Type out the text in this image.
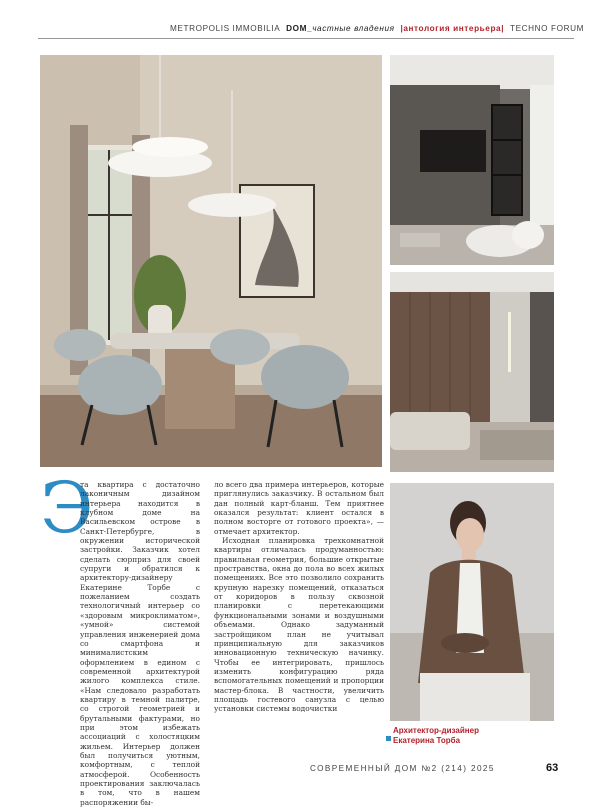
METROPOLIS IMMOBILIA DOM_частные владения |антология интерьера| TECHNO FORUM
Э

та квартира с достаточно лаконичным дизайном интерьера находится в клубном доме на Васильевском острове в Санкт-Петербурге, в окружении исторической застройки. Заказчик хотел сделать сюрприз для своей супруги и обратился к архитектору-дизайнеру Екатерине Торбе с пожеланием создать технологичный интерьер со «здоровым микроклиматом», «умной» системой управления инженерией дома со смартфона и минималистским оформлением в едином с современной архитектурой жилого комплекса стиле. «Нам следовало разработать квартиру в темной палитре, со строгой геометрией и брутальными фактурами, но при этом избежать ассоциаций с холостяцким жильем. Интерьер должен был получиться уютным, комфортным, с теплой атмосферой. Особенность проектирования заключалась в том, что в нашем распоряжении бы-

ло всего два примера интерьеров, которые приглянулись заказчику. В остальном был дан полный карт-бланш. Тем приятнее оказался результат: клиент остался в полном восторге от готового проекта», — отмечает архитектор.

Исходная планировка трехкомнатной квартиры отличалась продуманностью: правильная геометрия, большие открытые пространства, окна до пола во всех жилых помещениях. Все это позволило сохранить крупную нарезку помещений, отказаться от коридоров в пользу сквозной планировки с перетекающими функциональными зонами и воздушными объемами. Однако задуманный застройщиком план не учитывал принципиальную для заказчиков инновационную техническую начинку. Чтобы ее интегрировать, пришлось изменить конфигурацию ряда вспомогательных помещений и пропорции мастер-блока. В частности, увеличить площадь гостевого санузла с целью установки системы водочистки

Архитектор-дизайнер
Екатерина Торба
СОВРЕМЕННЫЙ ДОМ №2 (214) 2025	63
